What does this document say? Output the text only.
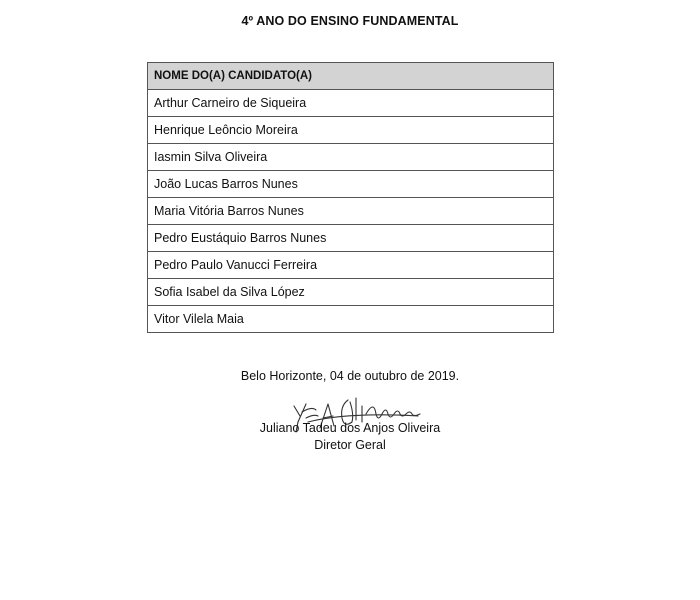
4º ANO DO ENSINO FUNDAMENTAL
NOME DO(A) CANDIDATO(A)
Arthur Carneiro de Siqueira
Henrique Leôncio Moreira
Iasmin Silva Oliveira
João Lucas Barros Nunes
Maria Vitória Barros Nunes
Pedro Eustáquio Barros Nunes
Pedro Paulo Vanucci Ferreira
Sofia Isabel da Silva López
Vitor Vilela Maia
Belo Horizonte, 04 de outubro de 2019.
Juliano Tadeu dos Anjos Oliveira
Diretor Geral
